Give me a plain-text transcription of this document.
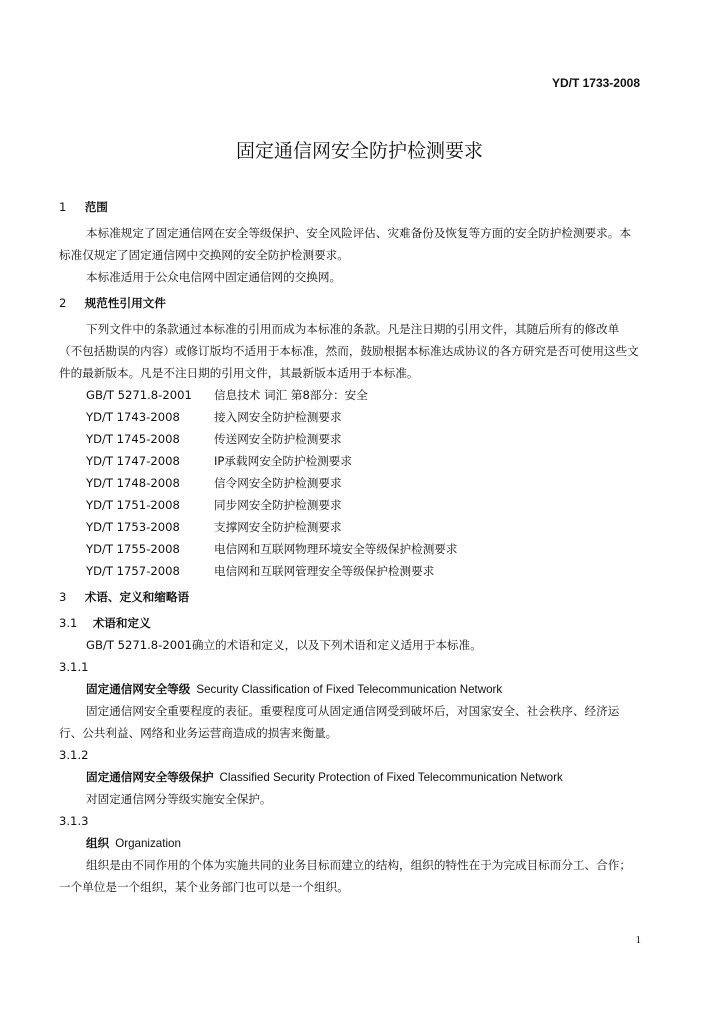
YD/T 1733-2008
固定通信网安全防护检测要求
1 范围

本标准规定了固定通信网在安全等级保护、安全风险评估、灾难备份及恢复等方面的安全防护检测要求。本标准仅规定了固定通信网中交换网的安全防护检测要求。

本标准适用于公众电信网中固定通信网的交换网。

2 规范性引用文件

下列文件中的条款通过本标准的引用而成为本标准的条款。凡是注日期的引用文件，其随后所有的修改单（不包括勘误的内容）或修订版均不适用于本标准，然而，鼓励根据本标准达成协议的各方研究是否可使用这些文件的最新版本。凡是不注日期的引用文件，其最新版本适用于本标准。

GB/T 5271.8-2001	信息技术 词汇 第8部分：安全
YD/T 1743-2008	接入网安全防护检测要求
YD/T 1745-2008	传送网安全防护检测要求
YD/T 1747-2008	IP承载网安全防护检测要求
YD/T 1748-2008	信令网安全防护检测要求
YD/T 1751-2008	同步网安全防护检测要求
YD/T 1753-2008	支撑网安全防护检测要求
YD/T 1755-2008	电信网和互联网物理环境安全等级保护检测要求
YD/T 1757-2008	电信网和互联网管理安全等级保护检测要求
3 术语、定义和缩略语
3.1 术语和定义

GB/T 5271.8-2001确立的术语和定义，以及下列术语和定义适用于本标准。

3.1.1
固定通信网安全等级 Security Classification of Fixed Telecommunication Network

固定通信网安全重要程度的表征。重要程度可从固定通信网受到破坏后，对国家安全、社会秩序、经济运行、公共利益、网络和业务运营商造成的损害来衡量。

3.1.2
固定通信网安全等级保护 Classified Security Protection of Fixed Telecommunication Network

对固定通信网分等级实施安全保护。

3.1.3
组织 Organization

组织是由不同作用的个体为实施共同的业务目标而建立的结构，组织的特性在于为完成目标而分工、合作；一个单位是一个组织，某个业务部门也可以是一个组织。

1
